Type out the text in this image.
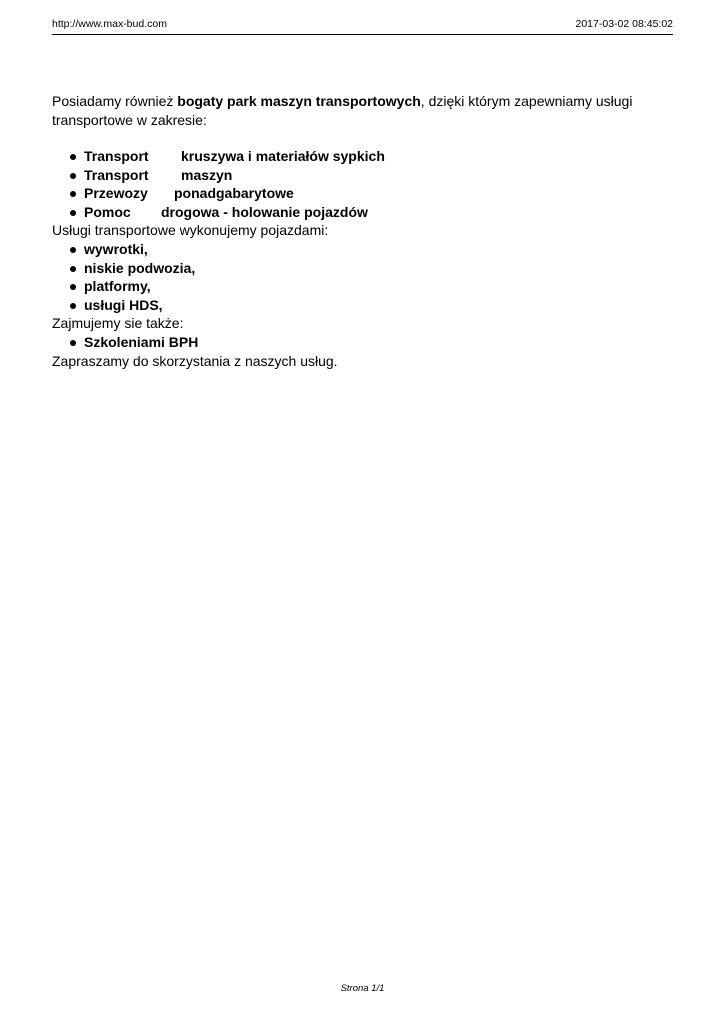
http://www.max-bud.com	2017-03-02 08:45:02

Posiadamy również bogaty park maszyn transportowych, dzięki którym zapewniamy usługi transportowe w zakresie:

Transport kruszywa i materiałów sypkich
Transport maszyn
Przewozy ponadgabarytowe
Pomoc drogowa - holowanie pojazdów

Usługi transportowe wykonujemy pojazdami:

wywrotki,
niskie podwozia,
platformy,
usługi HDS,

Zajmujemy sie także:

Szkoleniami BPH

Zapraszamy do skorzystania z naszych usług.

Strona 1/1
